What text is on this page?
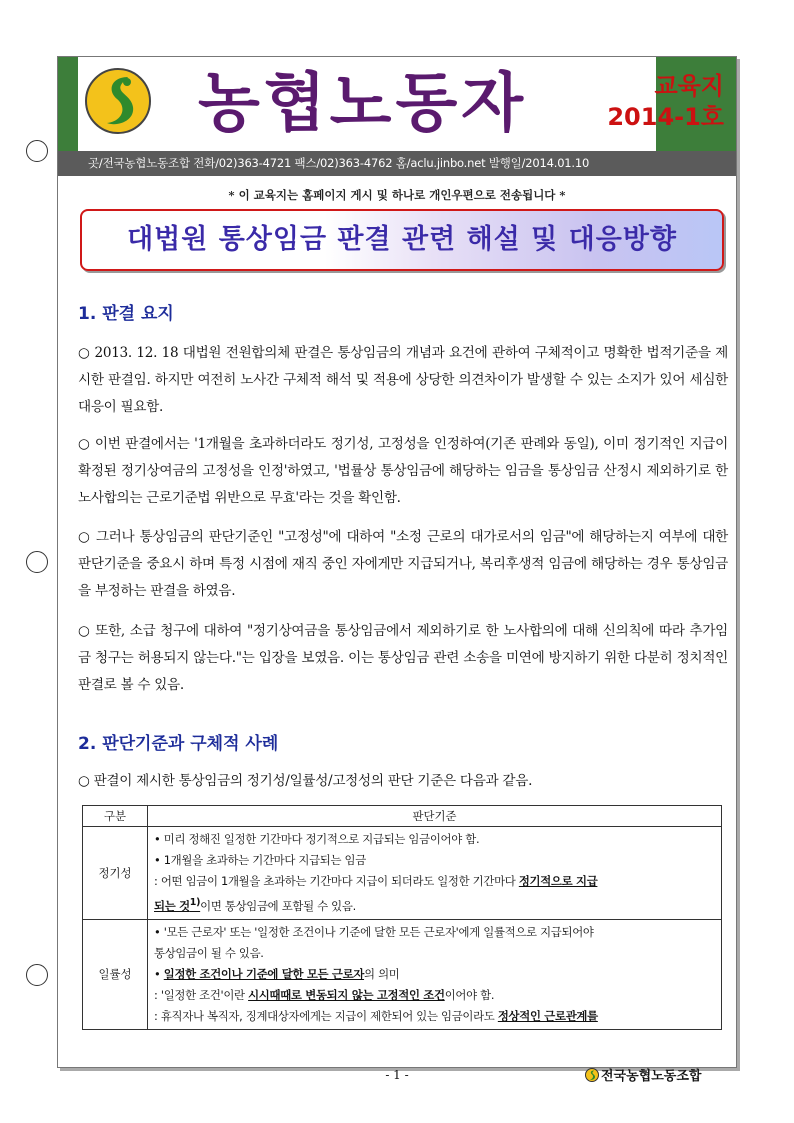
농협노동자	교육지
2014-1호
곳/전국농협노동조합 전화/02)363-4721 팩스/02)363-4762 홈/aclu.jinbo.net 발행일/2014.01.10
* 이 교육지는 홈페이지 게시 및 하나로 개인우편으로 전송됩니다 *
대법원 통상임금 판결 관련 해설 및 대응방향
1. 판결 요지
○ 2013. 12. 18 대법원 전원합의체 판결은 통상임금의 개념과 요건에 관하여 구체적이고 명확한 법적기준을 제시한 판결임. 하지만 여전히 노사간 구체적 해석 및 적용에 상당한 의견차이가 발생할 수 있는 소지가 있어 세심한 대응이 필요함.
○ 이번 판결에서는 '1개월을 초과하더라도 정기성, 고정성을 인정하여(기존 판례와 동일), 이미 정기적인 지급이 확정된 정기상여금의 고정성을 인정'하였고, '법률상 통상임금에 해당하는 임금을 통상임금 산정시 제외하기로 한 노사합의는 근로기준법 위반으로 무효'라는 것을 확인함.
○ 그러나 통상임금의 판단기준인 "고정성"에 대하여 "소정 근로의 대가로서의 임금"에 해당하는지 여부에 대한 판단기준을 중요시 하며 특정 시점에 재직 중인 자에게만 지급되거나, 복리후생적 임금에 해당하는 경우 통상임금을 부정하는 판결을 하였음.
○ 또한, 소급 청구에 대하여 "정기상여금을 통상임금에서 제외하기로 한 노사합의에 대해 신의칙에 따라 추가임금 청구는 허용되지 않는다."는 입장을 보였음. 이는 통상임금 관련 소송을 미연에 방지하기 위한 다분히 정치적인 판결로 볼 수 있음.
2. 판단기준과 구체적 사례
○ 판결이 제시한 통상임금의 정기성/일률성/고정성의 판단 기준은 다음과 같음.
구분	판단기준
정기성	• 미리 정해진 일정한 기간마다 정기적으로 지급되는 임금이어야 함.
• 1개월을 초과하는 기간마다 지급되는 임금
: 어떤 임금이 1개월을 초과하는 기간마다 지급이 되더라도 일정한 기간마다 정기적으로 지급
되는 것$^{1)}$이면 통상임금에 포함될 수 있음.

일률성	• '모든 근로자' 또는 '일정한 조건이나 기준에 달한 모든 근로자'에게 일률적으로 지급되어야
통상임금이 될 수 있음.
• 일정한 조건이나 기준에 달한 모든 근로자의 의미
: '일정한 조건'이란 시시때때로 변동되지 않는 고정적인 조건이어야 함.
: 휴직자나 복직자, 징계대상자에게는 지급이 제한되어 있는 임금이라도 정상적인 근로관계를
- 1 -	전국농협노동조합
